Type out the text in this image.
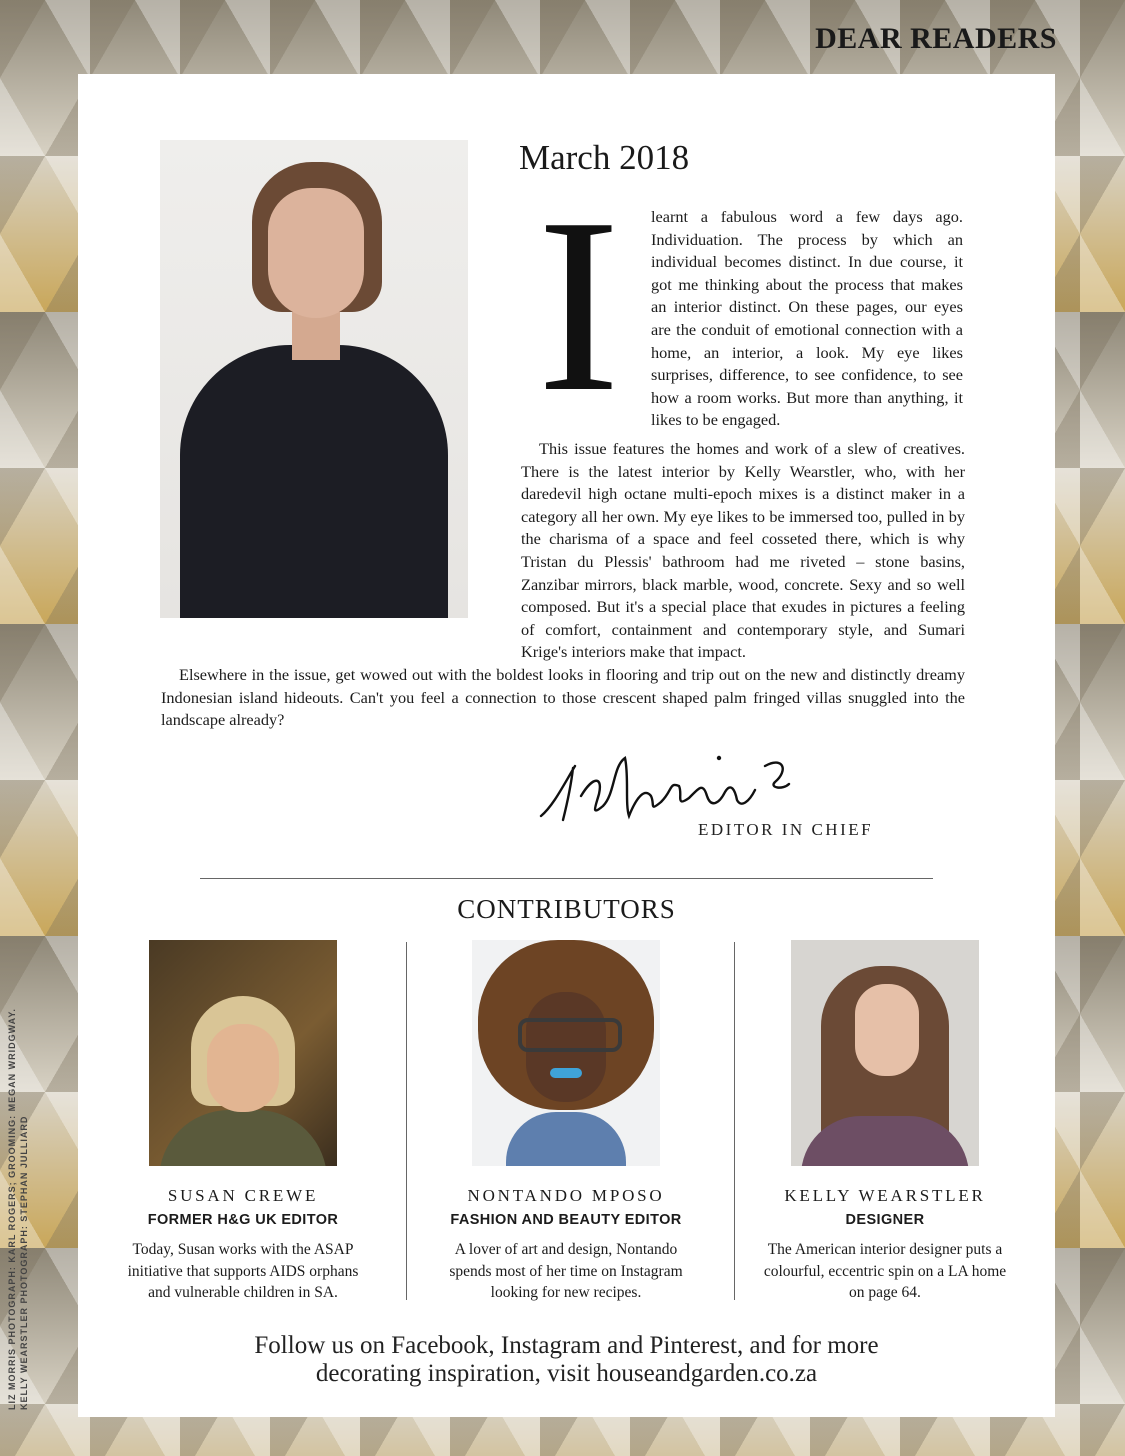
DEAR READERS
LIZ MORRIS PHOTOGRAPH: KARL ROGERS; GROOMING: MEGAN WRIDGWAY.
KELLY WEARSTLER PHOTOGRAPH: STEPHAN JULLIARD
March 2018
I learnt a fabulous word a few days ago. Individuation. The process by which an individual becomes distinct. In due course, it got me thinking about the process that makes an interior distinct. On these pages, our eyes are the conduit of emotional connection with a home, an interior, a look. My eye likes surprises, difference, to see confidence, to see how a room works. But more than anything, it likes to be engaged.

This issue features the homes and work of a slew of creatives. There is the latest interior by Kelly Wearstler, who, with her daredevil high octane multi-epoch mixes is a distinct maker in a category all her own. My eye likes to be immersed too, pulled in by the charisma of a space and feel cosseted there, which is why Tristan du Plessis' bathroom had me riveted – stone basins, Zanzibar mirrors, black marble, wood, concrete. Sexy and so well composed. But it's a special place that exudes in pictures a feeling of comfort, containment and contemporary style, and Sumari Krige's interiors make that impact.

Elsewhere in the issue, get wowed out with the boldest looks in flooring and trip out on the new and distinctly dreamy Indonesian island hideouts. Can't you feel a connection to those crescent shaped palm fringed villas snuggled into the landscape already?

EDITOR IN CHIEF

CONTRIBUTORS
SUSAN CREWE

FORMER H&G UK EDITOR

Today, Susan works with the ASAP initiative that supports AIDS orphans and vulnerable children in SA.

NONTANDO MPOSO

FASHION AND BEAUTY EDITOR

A lover of art and design, Nontando spends most of her time on Instagram looking for new recipes.

KELLY WEARSTLER

DESIGNER

The American interior designer puts a colourful, eccentric spin on a LA home on page 64.

Follow us on Facebook, Instagram and Pinterest, and for more
decorating inspiration, visit houseandgarden.co.za
